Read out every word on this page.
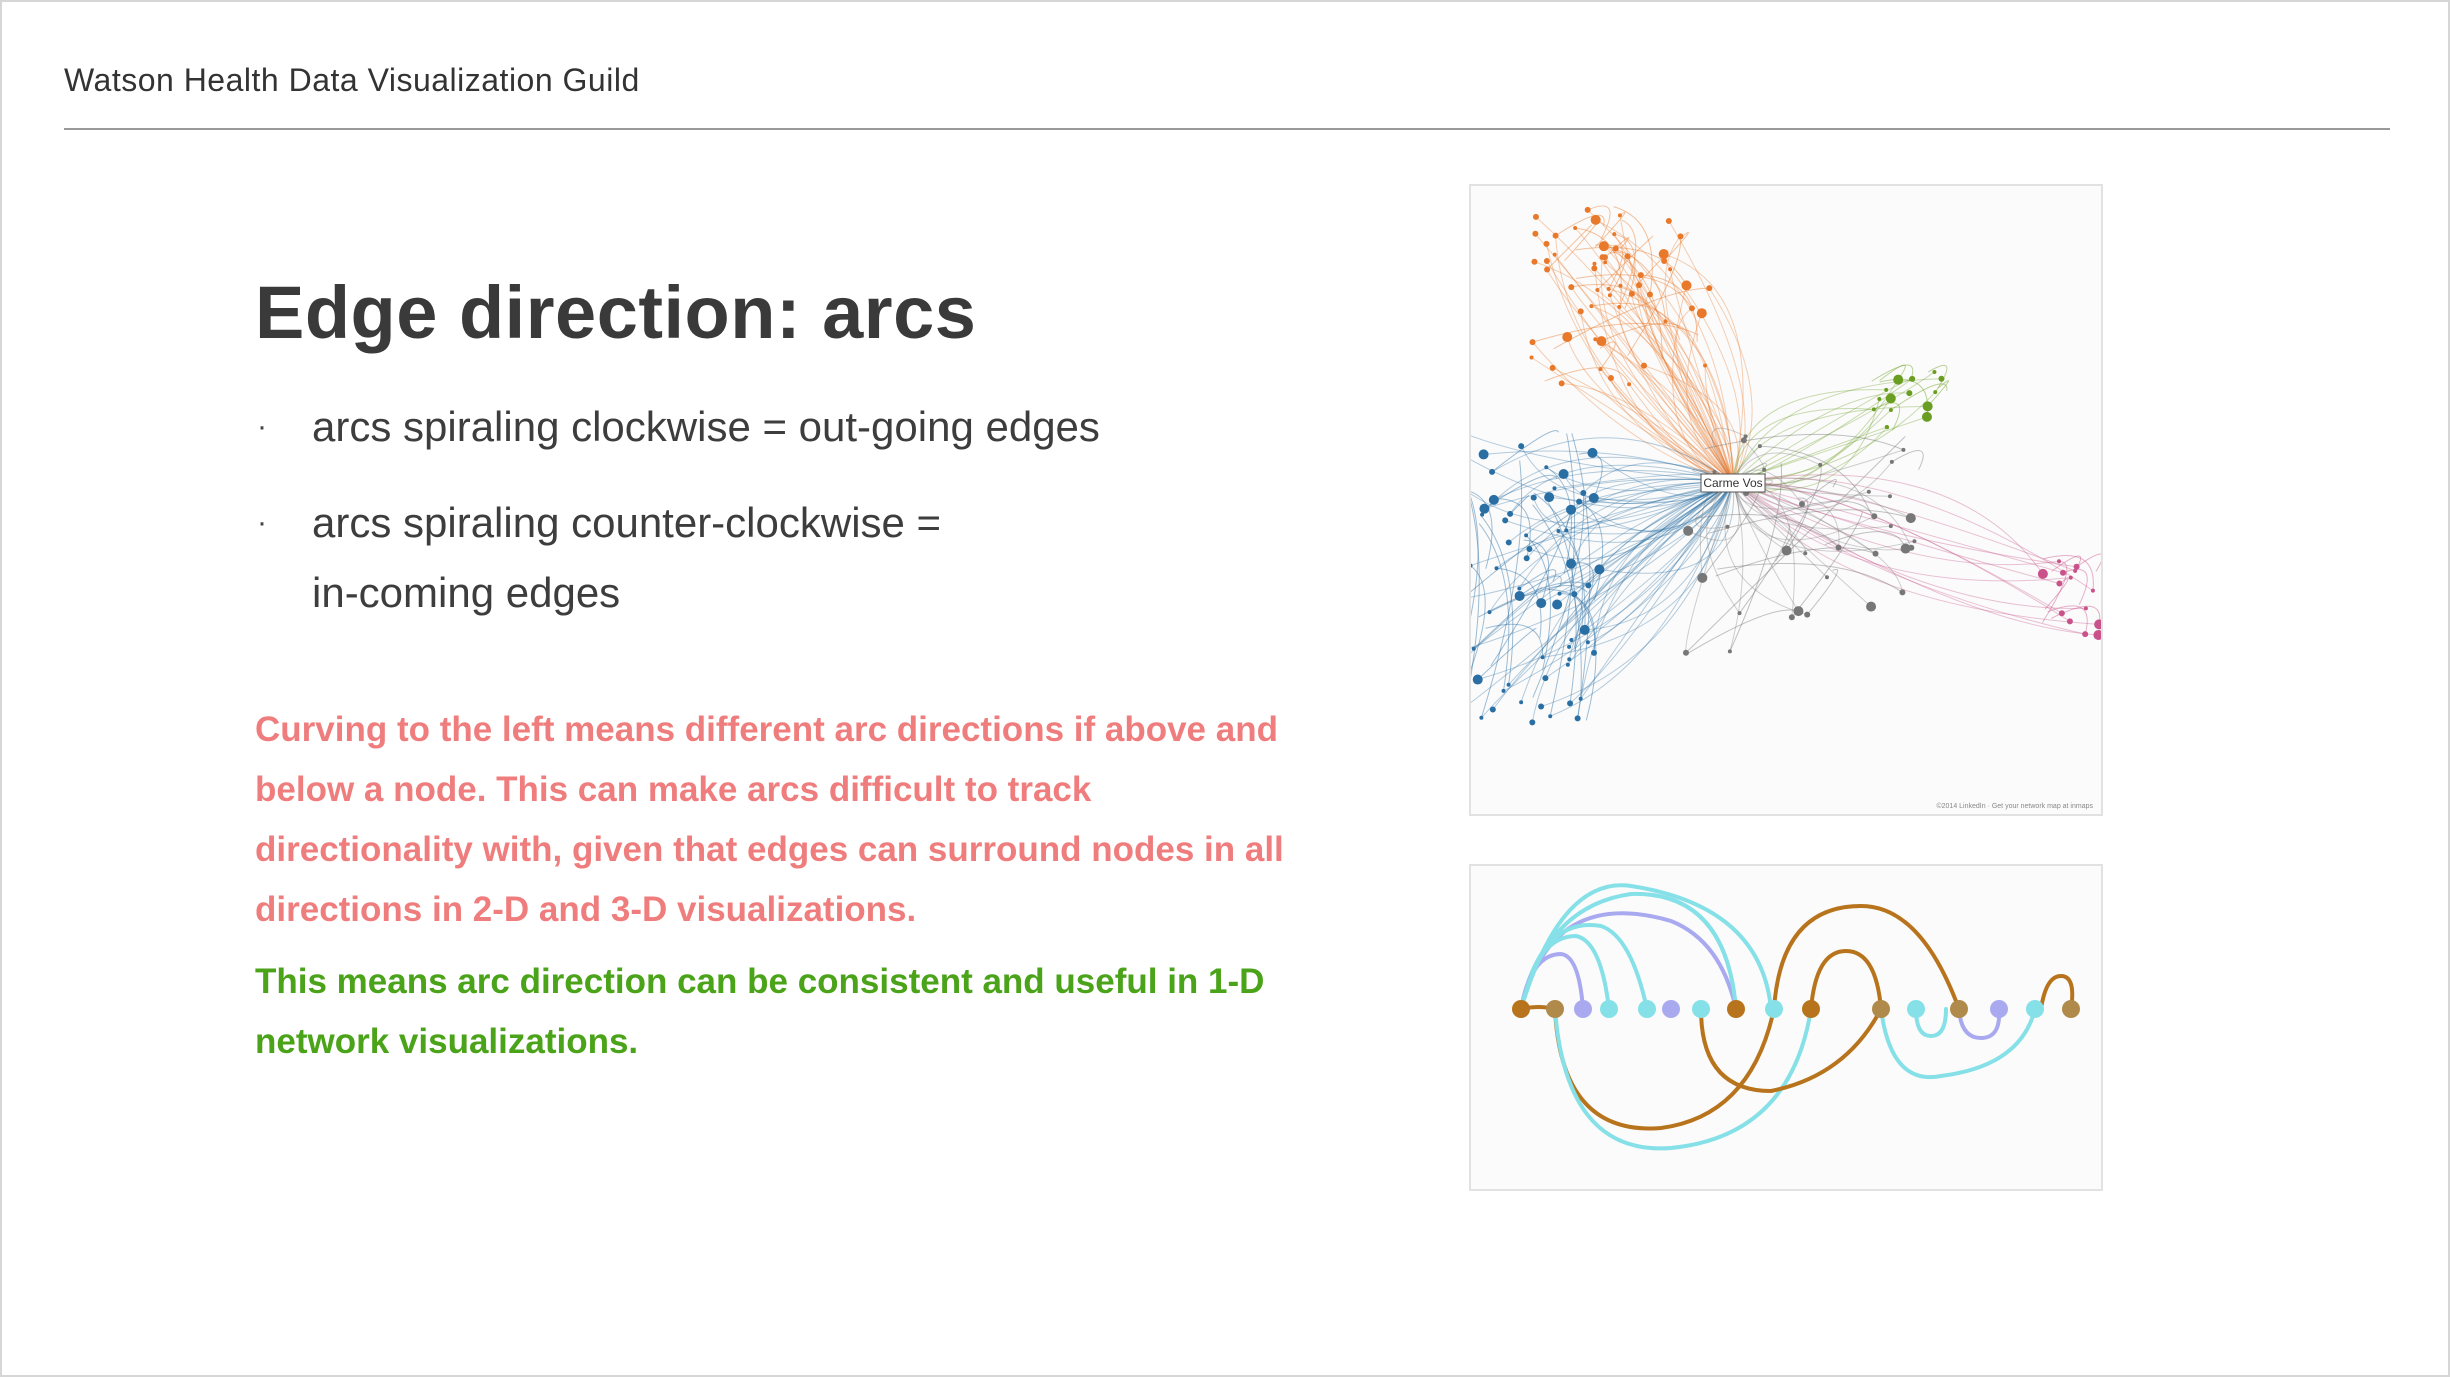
Watson Health Data Visualization Guild
Edge direction: arcs
· arcs spiraling clockwise = out-going edges
· arcs spiraling counter-clockwise =
in-coming edges
Curving to the left means different arc directions if above and below a node. This can make arcs difficult to track directionality with, given that edges can surround nodes in all directions in 2-D and 3-D visualizations.
This means arc direction can be consistent and useful in 1-D network visualizations.
Carme Vos
©2014 LinkedIn · Get your network map at inmaps
